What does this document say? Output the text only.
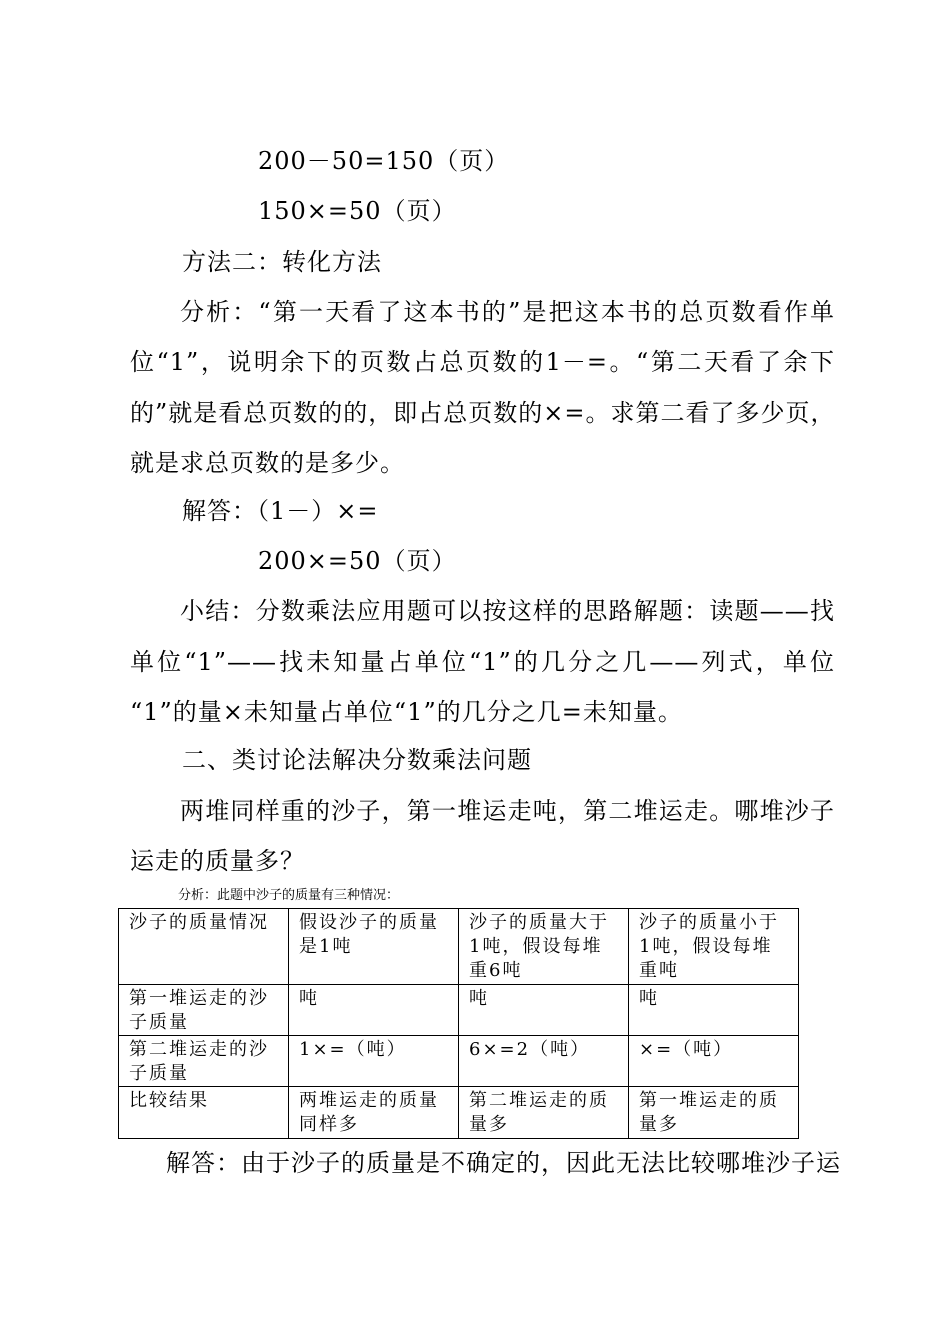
200－50=150（页）
150×=50（页）
方法二：转化方法
分析：“第一天看了这本书的”是把这本书的总页数看作单
位“1”，说明余下的页数占总页数的1－=。“第二天看了余下
的”就是看总页数的的，即占总页数的×=。求第二看了多少页，
就是求总页数的是多少。
解答：（1－）×=
200×=50（页）
小结：分数乘法应用题可以按这样的思路解题：读题——找
单位“1”——找未知量占单位“1”的几分之几——列式，单位
“1”的量×未知量占单位“1”的几分之几=未知量。
二、类讨论法解决分数乘法问题
两堆同样重的沙子，第一堆运走吨，第二堆运走。哪堆沙子
运走的质量多？
分析：此题中沙子的质量有三种情况：
沙子的质量情况	假设沙子的质量是1吨	沙子的质量大于1吨，假设每堆重6吨	沙子的质量小于1吨，假设每堆重吨
第一堆运走的沙子质量	吨	吨	吨
第二堆运走的沙子质量	1×=（吨）	6×=2（吨）	×=（吨）
比较结果	两堆运走的质量同样多	第二堆运走的质量多	第一堆运走的质量多
解答：由于沙子的质量是不确定的，因此无法比较哪堆沙子运
